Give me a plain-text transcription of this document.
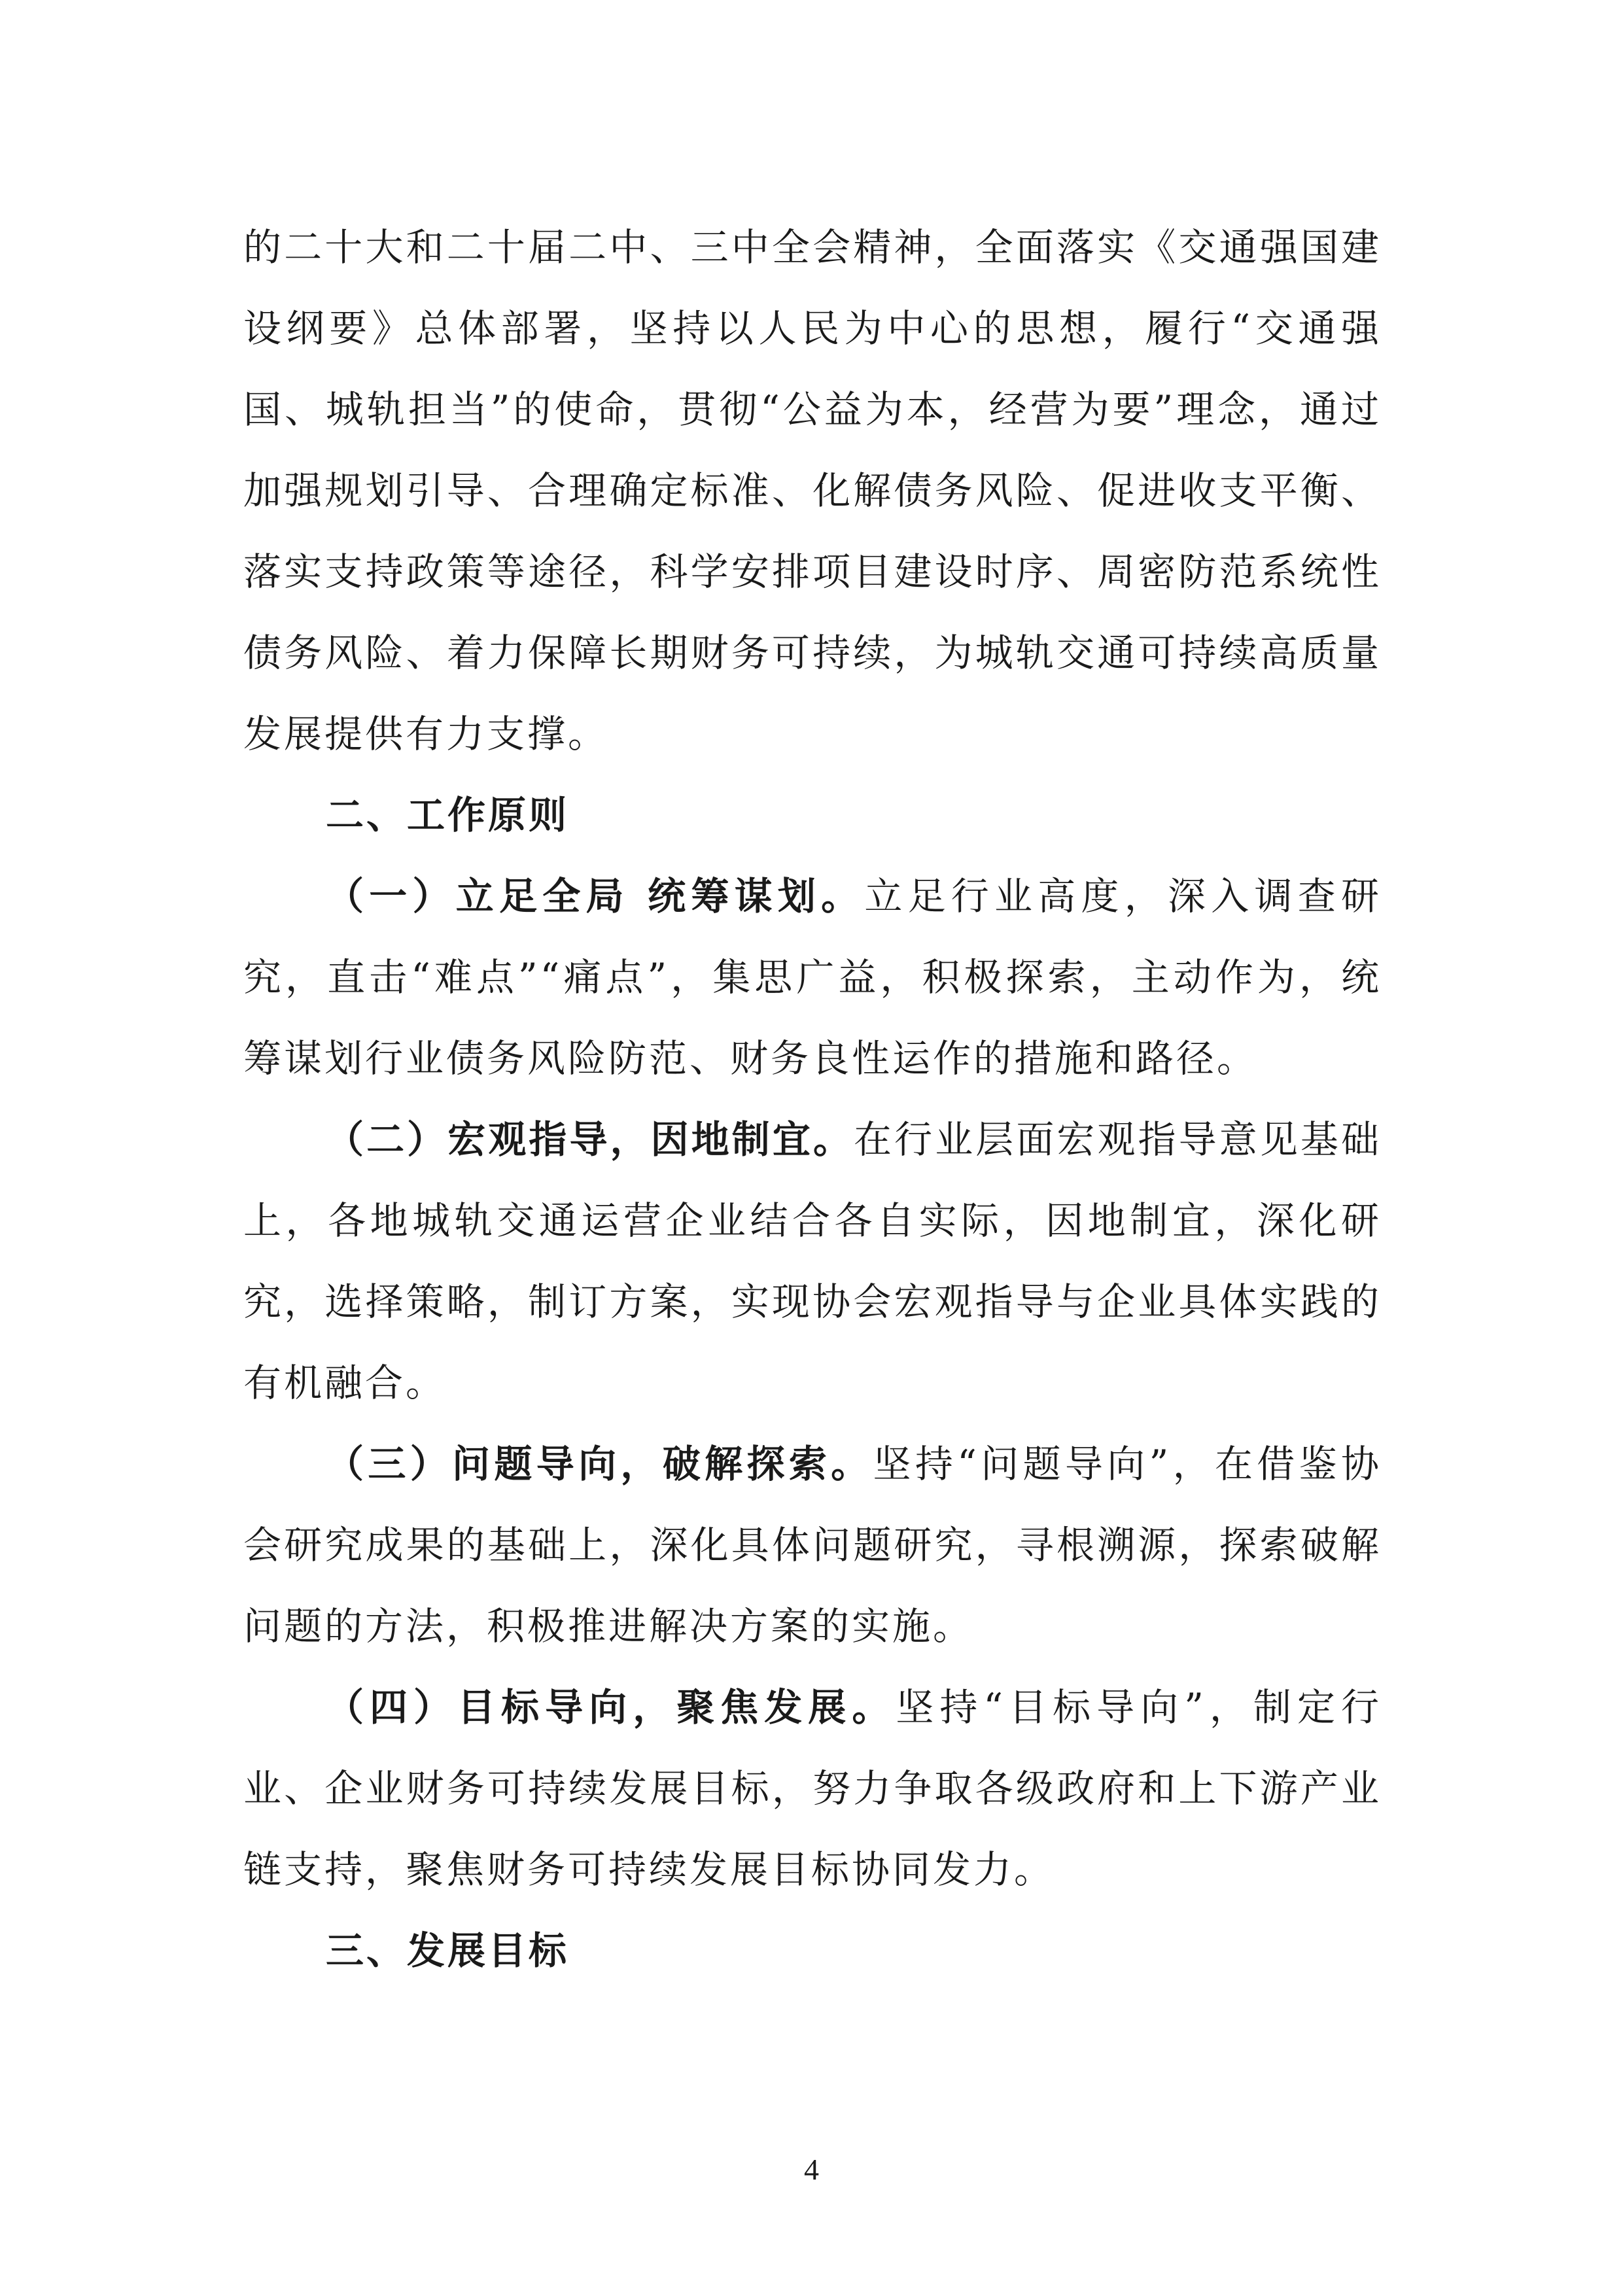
的二十大和二十届二中、三中全会精神，全面落实《交通强国建设纲要》总体部署，坚持以人民为中心的思想，履行“交通强国、城轨担当”的使命，贯彻“公益为本，经营为要”理念，通过加强规划引导、合理确定标准、化解债务风险、促进收支平衡、落实支持政策等途径，科学安排项目建设时序、周密防范系统性债务风险、着力保障长期财务可持续，为城轨交通可持续高质量发展提供有力支撑。

二、工作原则

（一）立足全局 统筹谋划。立足行业高度，深入调查研究，直击“难点”“痛点”，集思广益，积极探索，主动作为，统筹谋划行业债务风险防范、财务良性运作的措施和路径。

（二）宏观指导，因地制宜。在行业层面宏观指导意见基础上，各地城轨交通运营企业结合各自实际，因地制宜，深化研究，选择策略，制订方案，实现协会宏观指导与企业具体实践的有机融合。

（三）问题导向，破解探索。坚持“问题导向”，在借鉴协会研究成果的基础上，深化具体问题研究，寻根溯源，探索破解问题的方法，积极推进解决方案的实施。

（四）目标导向，聚焦发展。坚持“目标导向”，制定行业、企业财务可持续发展目标，努力争取各级政府和上下游产业链支持，聚焦财务可持续发展目标协同发力。

三、发展目标

4
